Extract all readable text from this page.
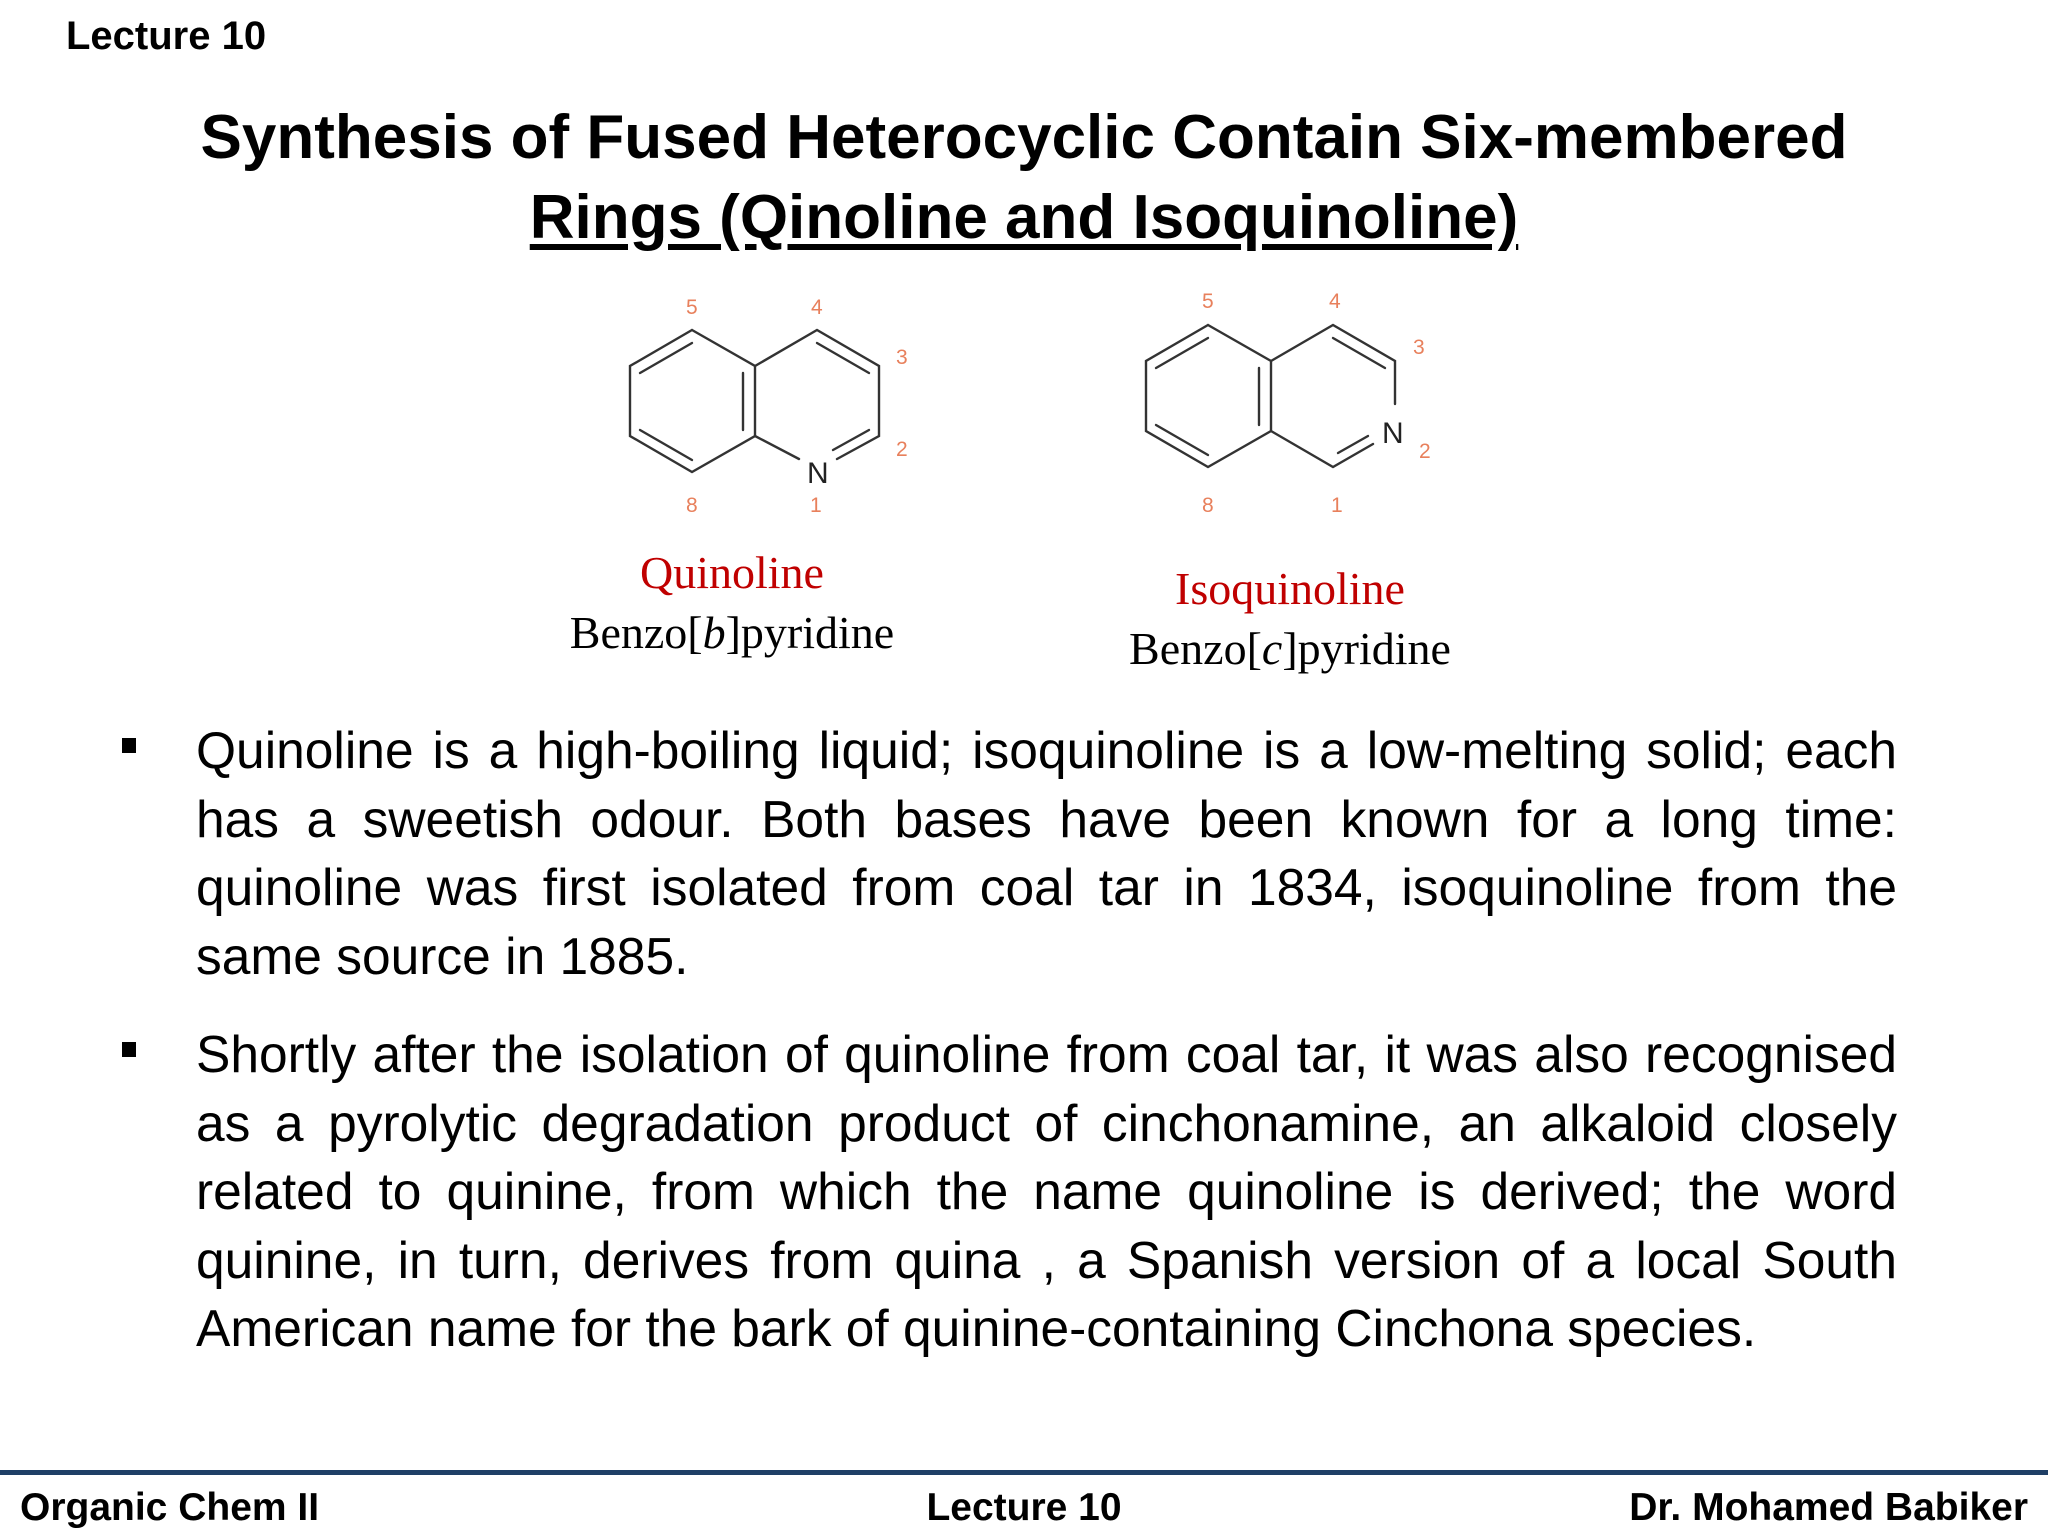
Lecture 10
Synthesis of Fused Heterocyclic Contain Six-membered
Rings (Qinoline and Isoquinoline)
N
5	4
3
2
1
8
N
5	4
3
2
1
8
Quinoline
Benzo[b]pyridine
Isoquinoline
Benzo[c]pyridine
Quinoline is a high-boiling liquid; isoquinoline is a low-melting solid; each has a sweetish odour. Both bases have been known for a long time: quinoline was first isolated from coal tar in 1834, isoquinoline from the same source in 1885.
Shortly after the isolation of quinoline from coal tar, it was also recognised as a pyrolytic degradation product of cinchonamine, an alkaloid closely related to quinine, from which the name quinoline is derived; the word quinine, in turn, derives from quina , a Spanish version of a local South American name for the bark of quinine-containing Cinchona species.
Organic Chem II	Lecture 10	Dr. Mohamed Babiker
